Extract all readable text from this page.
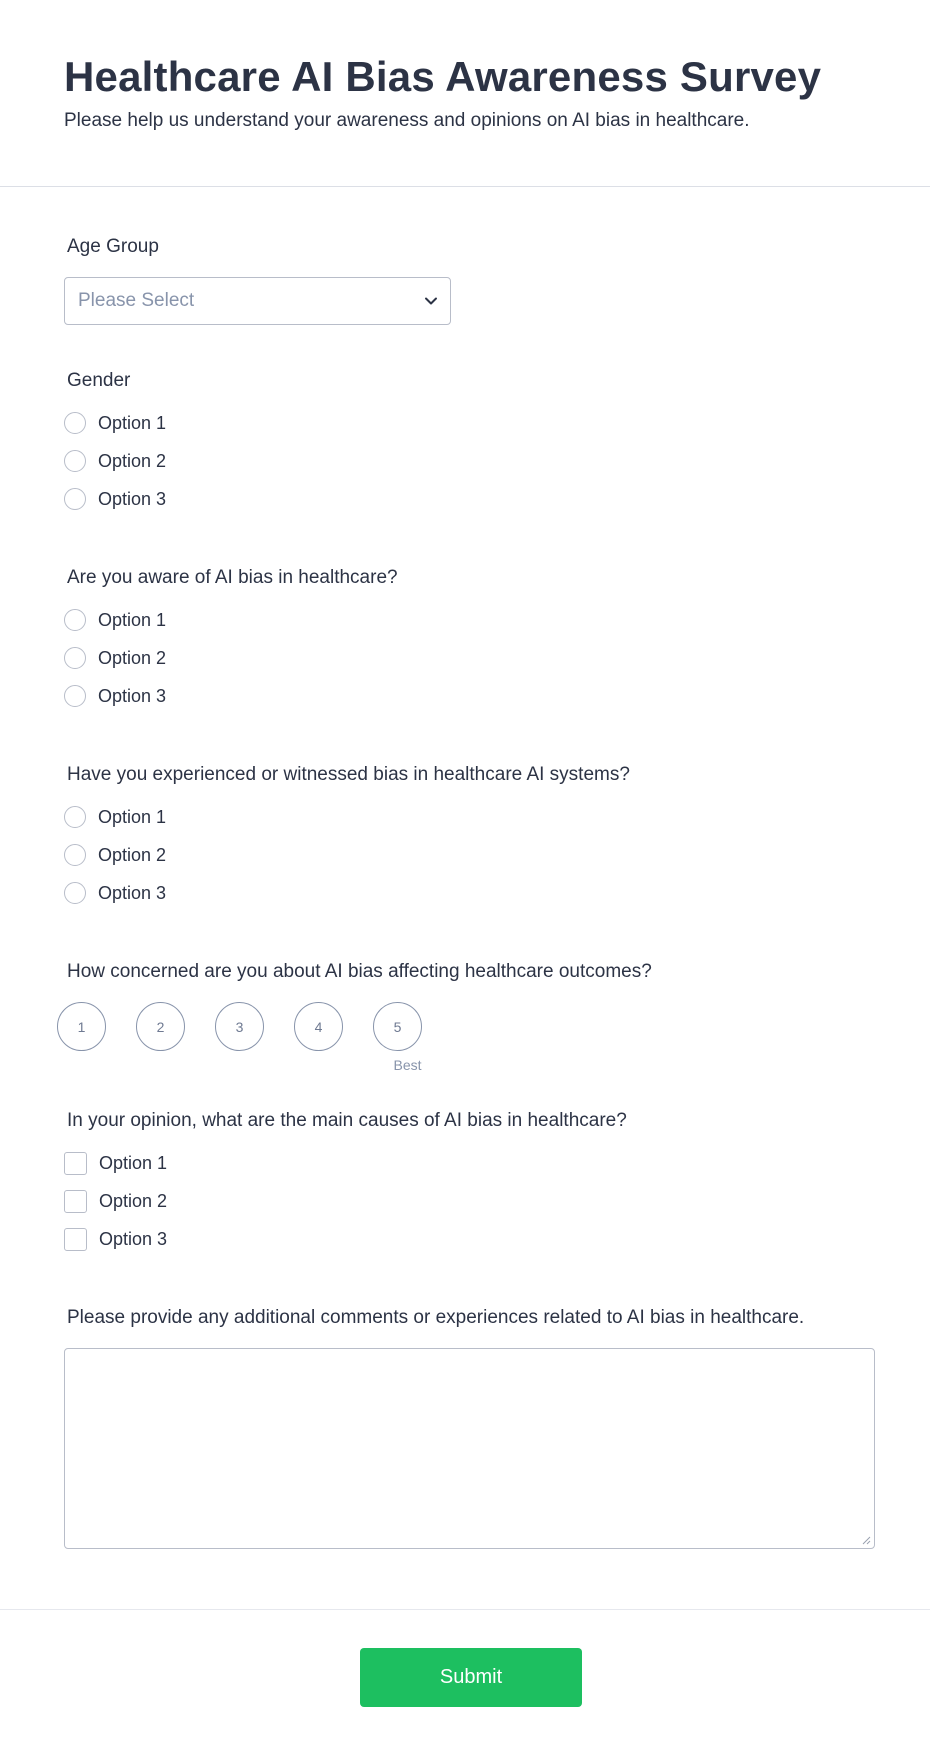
Healthcare AI Bias Awareness Survey

Please help us understand your awareness and opinions on AI bias in healthcare.

Age Group
Please Select
Gender
Option 1
Option 2
Option 3
Are you aware of AI bias in healthcare?
Option 1
Option 2
Option 3
Have you experienced or witnessed bias in healthcare AI systems?
Option 1
Option 2
Option 3
How concerned are you about AI bias affecting healthcare outcomes?
1	2	3	4	5
Best
In your opinion, what are the main causes of AI bias in healthcare?
Option 1
Option 2
Option 3
Please provide any additional comments or experiences related to AI bias in healthcare.
Submit
